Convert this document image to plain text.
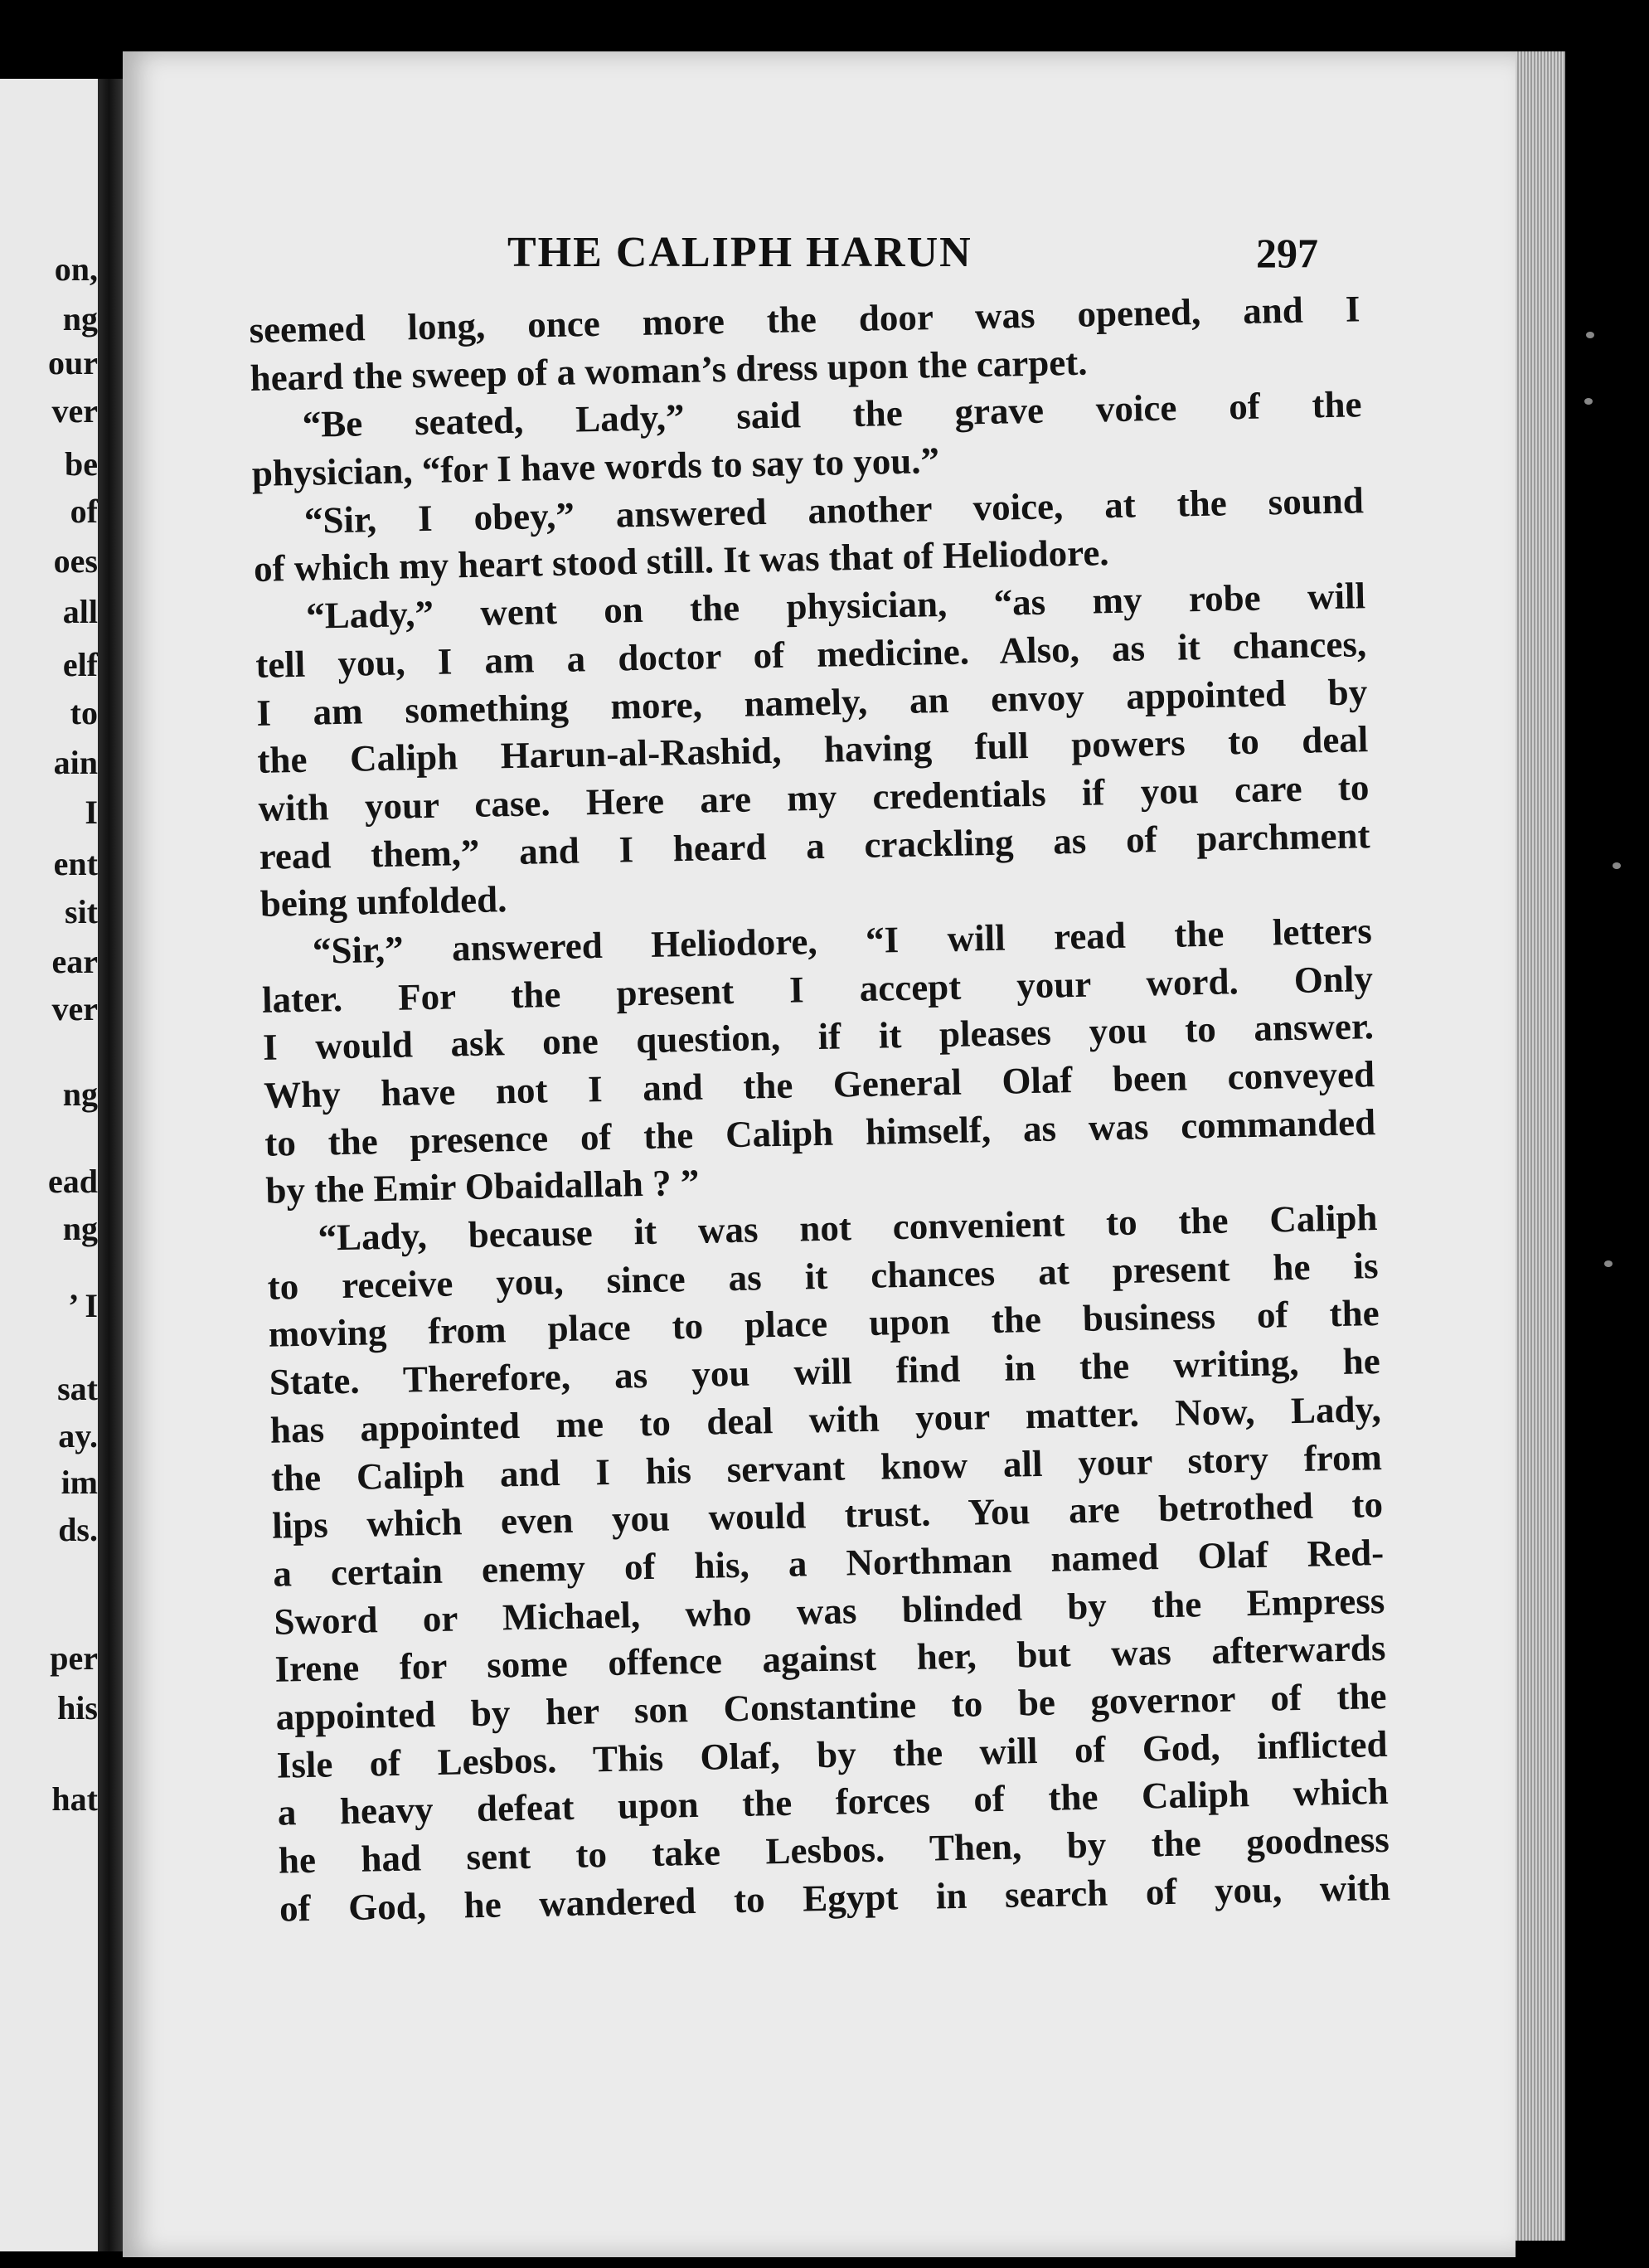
on,
ng
our
ver
be
of
oes
all
elf
to
ain
I
ent
sit
ear
ver
ng
ead
ng
’ I
sat
ay.
im
ds.
per
his
hat
THE CALIPH HARUN	297
seemed long, once more the door was opened, and I
heard the sweep of a woman’s dress upon the carpet.
“Be seated, Lady,” said the grave voice of the
physician, “for I have words to say to you.”
“Sir, I obey,” answered another voice, at the sound
of which my heart stood still. It was that of Heliodore.
“Lady,” went on the physician, “as my robe will
tell you, I am a doctor of medicine. Also, as it chances,
I am something more, namely, an envoy appointed by
the Caliph Harun-al-Rashid, having full powers to deal
with your case. Here are my credentials if you care to
read them,” and I heard a crackling as of parchment
being unfolded.
“Sir,” answered Heliodore, “I will read the letters
later. For the present I accept your word. Only
I would ask one question, if it pleases you to answer.
Why have not I and the General Olaf been conveyed
to the presence of the Caliph himself, as was commanded
by the Emir Obaidallah ? ”
“Lady, because it was not convenient to the Caliph
to receive you, since as it chances at present he is
moving from place to place upon the business of the
State. Therefore, as you will find in the writing, he
has appointed me to deal with your matter. Now, Lady,
the Caliph and I his servant know all your story from
lips which even you would trust. You are betrothed to
a certain enemy of his, a Northman named Olaf Red-
Sword or Michael, who was blinded by the Empress
Irene for some offence against her, but was afterwards
appointed by her son Constantine to be governor of the
Isle of Lesbos. This Olaf, by the will of God, inflicted
a heavy defeat upon the forces of the Caliph which
he had sent to take Lesbos. Then, by the goodness
of God, he wandered to Egypt in search of you, with
